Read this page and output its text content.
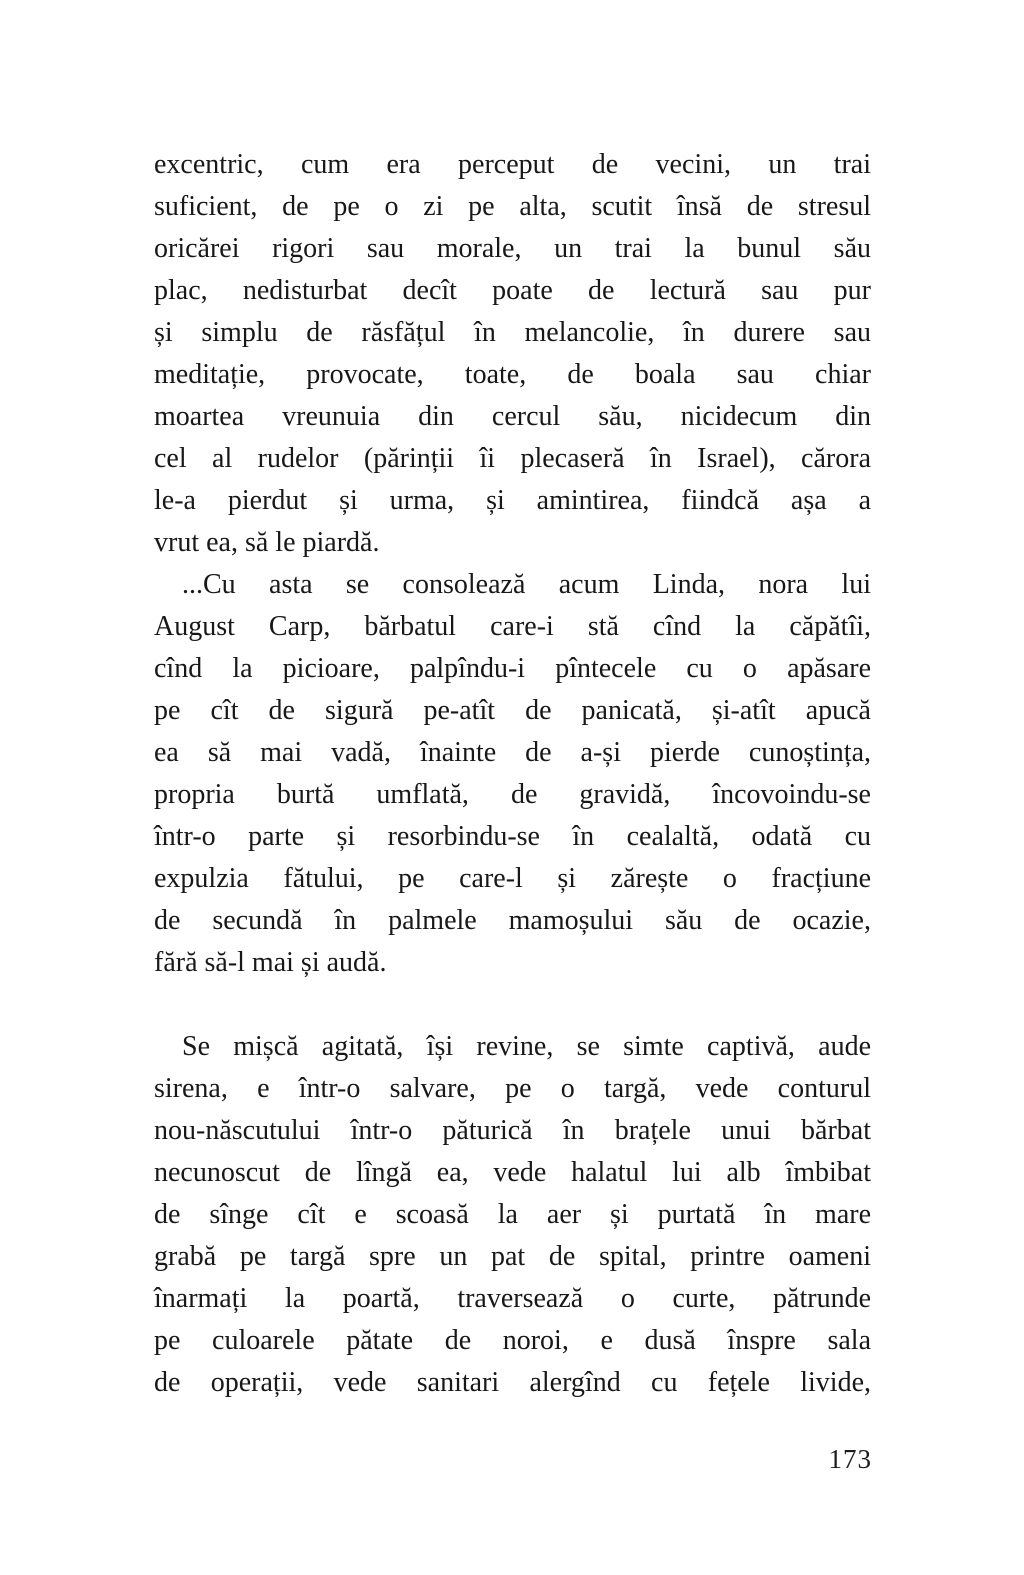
excentric, cum era perceput de vecini, un trai
suficient, de pe o zi pe alta, scutit însă de stresul
oricărei rigori sau morale, un trai la bunul său
plac, nedisturbat decît poate de lectură sau pur
și simplu de răsfățul în melancolie, în durere sau
meditație, provocate, toate, de boala sau chiar
moartea vreunuia din cercul său, nicidecum din
cel al rudelor (părinții îi plecaseră în Israel), cărora
le-a pierdut și urma, și amintirea, fiindcă așa a
vrut ea, să le piardă.
...Cu asta se consolează acum Linda, nora lui
August Carp, bărbatul care-i stă cînd la căpătîi,
cînd la picioare, palpîndu-i pîntecele cu o apăsare
pe cît de sigură pe-atît de panicată, și-atît apucă
ea să mai vadă, înainte de a-și pierde cunoștința,
propria burtă umflată, de gravidă, încovoindu-se
într-o parte și resorbindu-se în cealaltă, odată cu
expulzia fătului, pe care-l și zărește o fracțiune
de secundă în palmele mamoșului său de ocazie,
fără să-l mai și audă.
Se mișcă agitată, își revine, se simte captivă, aude
sirena, e într-o salvare, pe o targă, vede conturul
nou-născutului într-o păturică în brațele unui bărbat
necunoscut de lîngă ea, vede halatul lui alb îmbibat
de sînge cît e scoasă la aer și purtată în mare
grabă pe targă spre un pat de spital, printre oameni
înarmați la poartă, traversează o curte, pătrunde
pe culoarele pătate de noroi, e dusă înspre sala
de operații, vede sanitari alergînd cu fețele livide,
173
